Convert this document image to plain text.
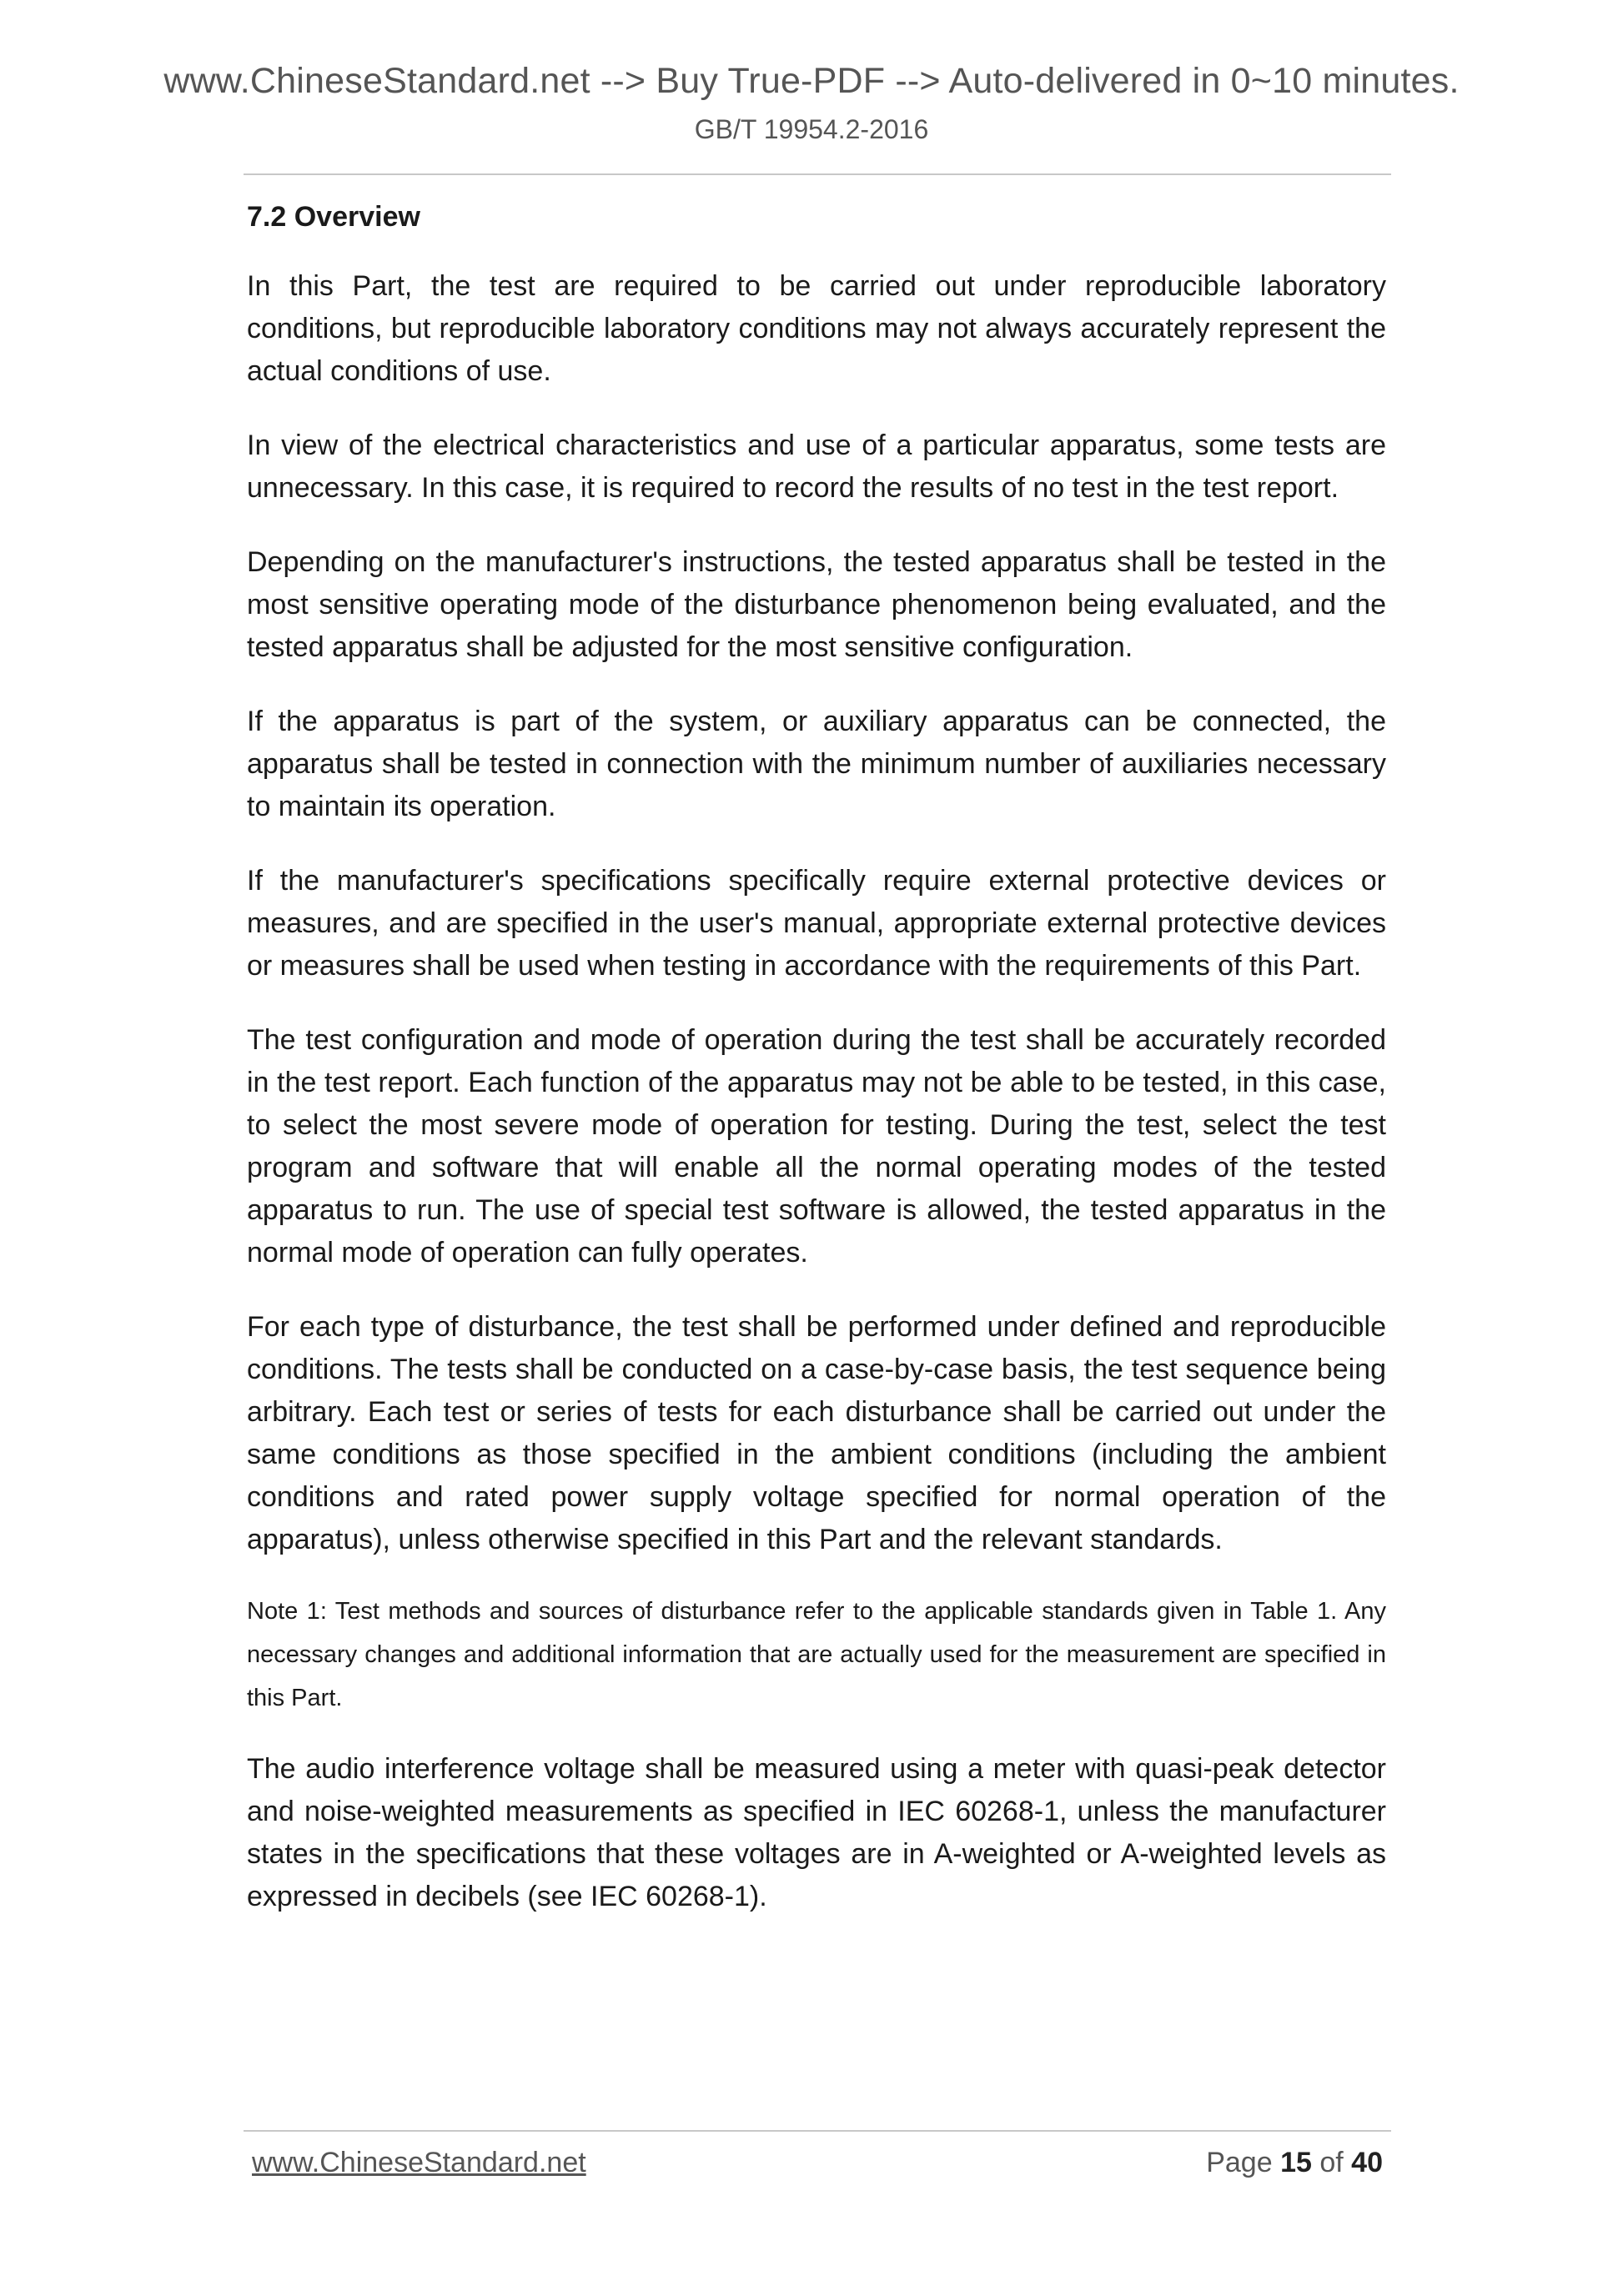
www.ChineseStandard.net --> Buy True-PDF --> Auto-delivered in 0~10 minutes.
GB/T 19954.2-2016
7.2 Overview

In this Part, the test are required to be carried out under reproducible laboratory conditions, but reproducible laboratory conditions may not always accurately represent the actual conditions of use.

In view of the electrical characteristics and use of a particular apparatus, some tests are unnecessary. In this case, it is required to record the results of no test in the test report.

Depending on the manufacturer's instructions, the tested apparatus shall be tested in the most sensitive operating mode of the disturbance phenomenon being evaluated, and the tested apparatus shall be adjusted for the most sensitive configuration.

If the apparatus is part of the system, or auxiliary apparatus can be connected, the apparatus shall be tested in connection with the minimum number of auxiliaries necessary to maintain its operation.

If the manufacturer's specifications specifically require external protective devices or measures, and are specified in the user's manual, appropriate external protective devices or measures shall be used when testing in accordance with the requirements of this Part.

The test configuration and mode of operation during the test shall be accurately recorded in the test report. Each function of the apparatus may not be able to be tested, in this case, to select the most severe mode of operation for testing. During the test, select the test program and software that will enable all the normal operating modes of the tested apparatus to run. The use of special test software is allowed, the tested apparatus in the normal mode of operation can fully operates.

For each type of disturbance, the test shall be performed under defined and reproducible conditions. The tests shall be conducted on a case-by-case basis, the test sequence being arbitrary. Each test or series of tests for each disturbance shall be carried out under the same conditions as those specified in the ambient conditions (including the ambient conditions and rated power supply voltage specified for normal operation of the apparatus), unless otherwise specified in this Part and the relevant standards.

Note 1: Test methods and sources of disturbance refer to the applicable standards given in Table 1. Any necessary changes and additional information that are actually used for the measurement are specified in this Part.

The audio interference voltage shall be measured using a meter with quasi-peak detector and noise-weighted measurements as specified in IEC 60268-1, unless the manufacturer states in the specifications that these voltages are in A-weighted or A-weighted levels as expressed in decibels (see IEC 60268-1).

www.ChineseStandard.net	Page 15 of 40
